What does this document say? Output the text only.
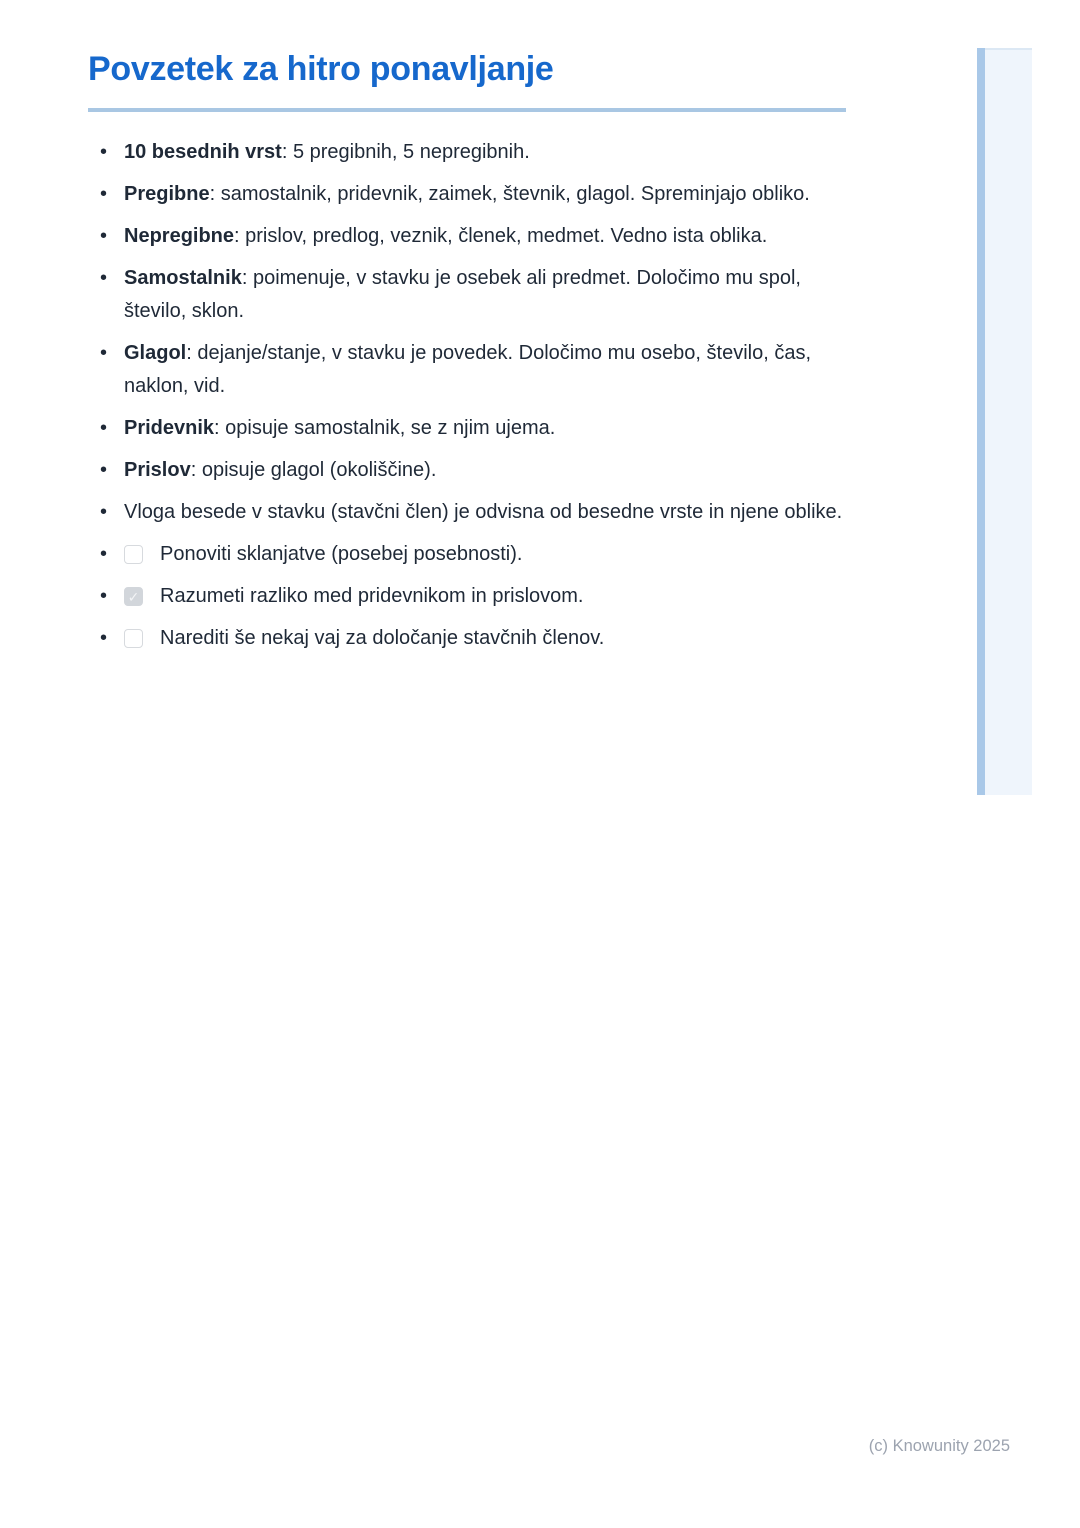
Povzetek za hitro ponavljanje
• 10 besednih vrst: 5 pregibnih, 5 nepregibnih.
• Pregibne: samostalnik, pridevnik, zaimek, števnik, glagol. Spreminjajo obliko.
• Nepregibne: prislov, predlog, veznik, členek, medmet. Vedno ista oblika.
• Samostalnik: poimenuje, v stavku je osebek ali predmet. Določimo mu spol, število, sklon.
• Glagol: dejanje/stanje, v stavku je povedek. Določimo mu osebo, število, čas, naklon, vid.
• Pridevnik: opisuje samostalnik, se z njim ujema.
• Prislov: opisuje glagol (okoliščine).
• Vloga besede v stavku (stavčni člen) je odvisna od besedne vrste in njene oblike.
•	Ponoviti sklanjatve (posebej posebnosti).
•	✓ Razumeti razliko med pridevnikom in prislovom.
•	Narediti še nekaj vaj za določanje stavčnih členov.
(c) Knowunity 2025
